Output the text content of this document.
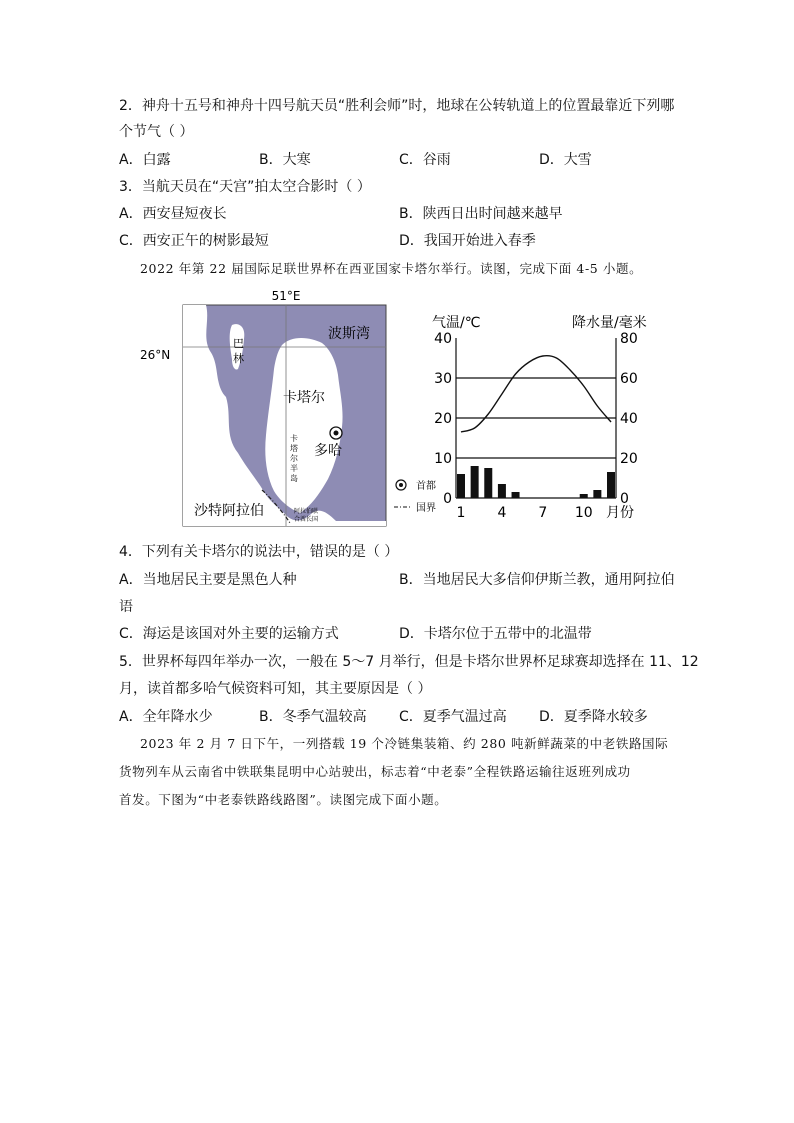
2．神舟十五号和神舟十四号航天员“胜利会师”时，地球在公转轨道上的位置最靠近下列哪
个节气（ ）
A．白露	B．大寒	C．谷雨	D．大雪
3．当航天员在“天宫”拍太空合影时（ ）
A．西安昼短夜长	B．陕西日出时间越来越早
C．西安正午的树影最短	D．我国开始进入春季
2022 年第 22 届国际足联世界杯在西亚国家卡塔尔举行。读图，完成下面 4-5 小题。
51°E
26°N
巴
林
波斯湾
卡塔尔
多哈
沙特阿拉伯
卡
塔
尔
半
岛
阿拉伯联
合酋长国
首都
国界
气温/℃	降水量/毫米
0
10
20
30
40
0
20
40
60
80
1 4 7 10 月份
4．下列有关卡塔尔的说法中，错误的是（ ）
A．当地居民主要是黑色人种	B．当地居民大多信仰伊斯兰教，通用阿拉伯
语
C．海运是该国对外主要的运输方式	D．卡塔尔位于五带中的北温带
5．世界杯每四年举办一次，一般在 5～7 月举行，但是卡塔尔世界杯足球赛却选择在 11、12
月，读首都多哈气候资料可知，其主要原因是（ ）
A．全年降水少	B．冬季气温较高 C．夏季气温过高 D．夏季降水较多
2023 年 2 月 7 日下午，一列搭载 19 个冷链集装箱、约 280 吨新鲜蔬菜的中老铁路国际
货物列车从云南省中铁联集昆明中心站驶出，标志着“中老泰”全程铁路运输往返班列成功
首发。下图为“中老泰铁路线路图”。读图完成下面小题。
